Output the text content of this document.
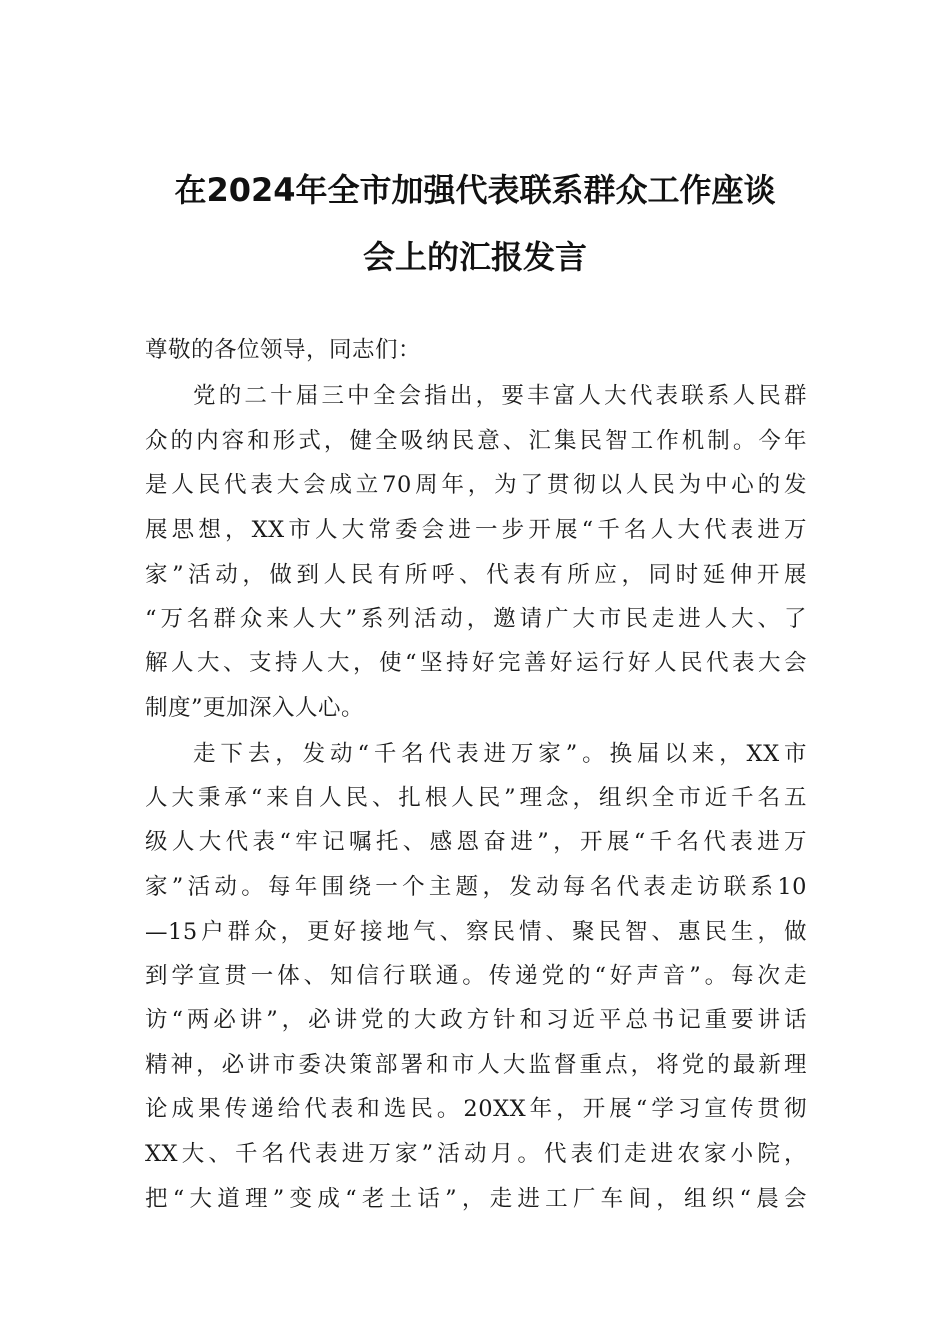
在2024年全市加强代表联系群众工作座谈
会上的汇报发言
尊敬的各位领导，同志们：
党的二十届三中全会指出，要丰富人大代表联系人民群
众的内容和形式，健全吸纳民意、汇集民智工作机制。今年
是人民代表大会成立70周年，为了贯彻以人民为中心的发
展思想，XX市人大常委会进一步开展“千名人大代表进万
家”活动，做到人民有所呼、代表有所应，同时延伸开展
“万名群众来人大”系列活动，邀请广大市民走进人大、了
解人大、支持人大，使“坚持好完善好运行好人民代表大会
制度”更加深入人心。
走下去，发动“千名代表进万家”。换届以来，XX市
人大秉承“来自人民、扎根人民”理念，组织全市近千名五
级人大代表“牢记嘱托、感恩奋进”，开展“千名代表进万
家”活动。每年围绕一个主题，发动每名代表走访联系10
—15户群众，更好接地气、察民情、聚民智、惠民生，做
到学宣贯一体、知信行联通。传递党的“好声音”。每次走
访“两必讲”，必讲党的大政方针和习近平总书记重要讲话
精神，必讲市委决策部署和市人大监督重点，将党的最新理
论成果传递给代表和选民。20XX年，开展“学习宣传贯彻
XX大、千名代表进万家”活动月。代表们走进农家小院，
把“大道理”变成“老土话”，走进工厂车间，组织“晨会
